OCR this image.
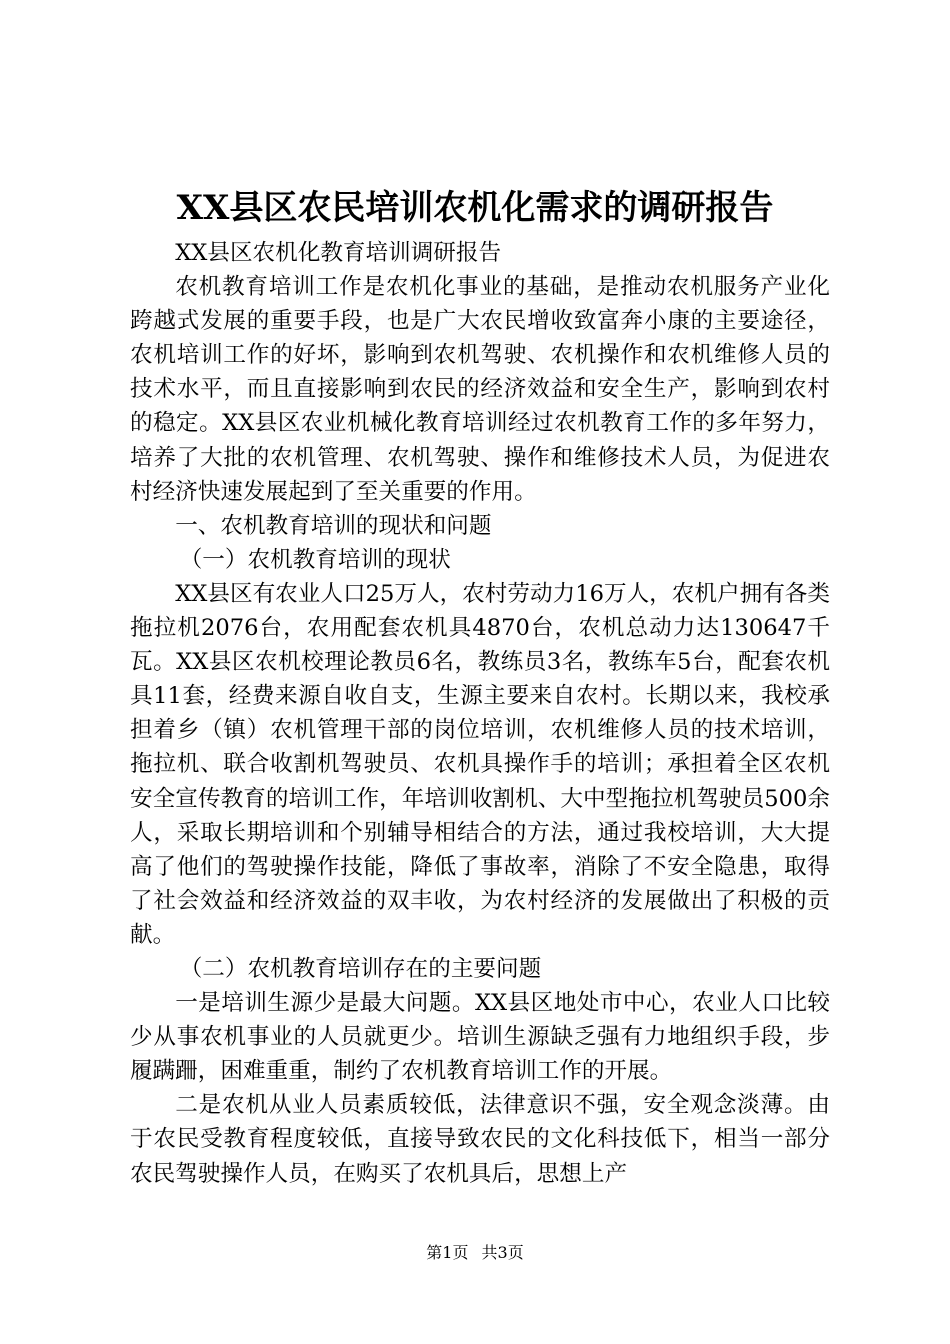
XX县区农民培训农机化需求的调研报告

XX县区农机化教育培训调研报告

农机教育培训工作是农机化事业的基础，是推动农机服务产业化跨越式发展的重要手段，也是广大农民增收致富奔小康的主要途径，农机培训工作的好坏，影响到农机驾驶、农机操作和农机维修人员的技术水平，而且直接影响到农民的经济效益和安全生产，影响到农村的稳定。XX县区农业机械化教育培训经过农机教育工作的多年努力，培养了大批的农机管理、农机驾驶、操作和维修技术人员，为促进农村经济快速发展起到了至关重要的作用。

一、农机教育培训的现状和问题

（一）农机教育培训的现状

XX县区有农业人口25万人，农村劳动力16万人，农机户拥有各类拖拉机2076台，农用配套农机具4870台，农机总动力达130647千瓦。XX县区农机校理论教员6名，教练员3名，教练车5台，配套农机具11套，经费来源自收自支，生源主要来自农村。长期以来，我校承担着乡（镇）农机管理干部的岗位培训，农机维修人员的技术培训，拖拉机、联合收割机驾驶员、农机具操作手的培训；承担着全区农机安全宣传教育的培训工作，年培训收割机、大中型拖拉机驾驶员500余人，采取长期培训和个别辅导相结合的方法，通过我校培训，大大提高了他们的驾驶操作技能，降低了事故率，消除了不安全隐患，取得了社会效益和经济效益的双丰收，为农村经济的发展做出了积极的贡献。

（二）农机教育培训存在的主要问题

一是培训生源少是最大问题。XX县区地处市中心，农业人口比较少从事农机事业的人员就更少。培训生源缺乏强有力地组织手段，步履蹒跚，困难重重，制约了农机教育培训工作的开展。

二是农机从业人员素质较低，法律意识不强，安全观念淡薄。由于农民受教育程度较低，直接导致农民的文化科技低下，相当一部分农民驾驶操作人员，在购买了农机具后，思想上产

第1页 共3页
